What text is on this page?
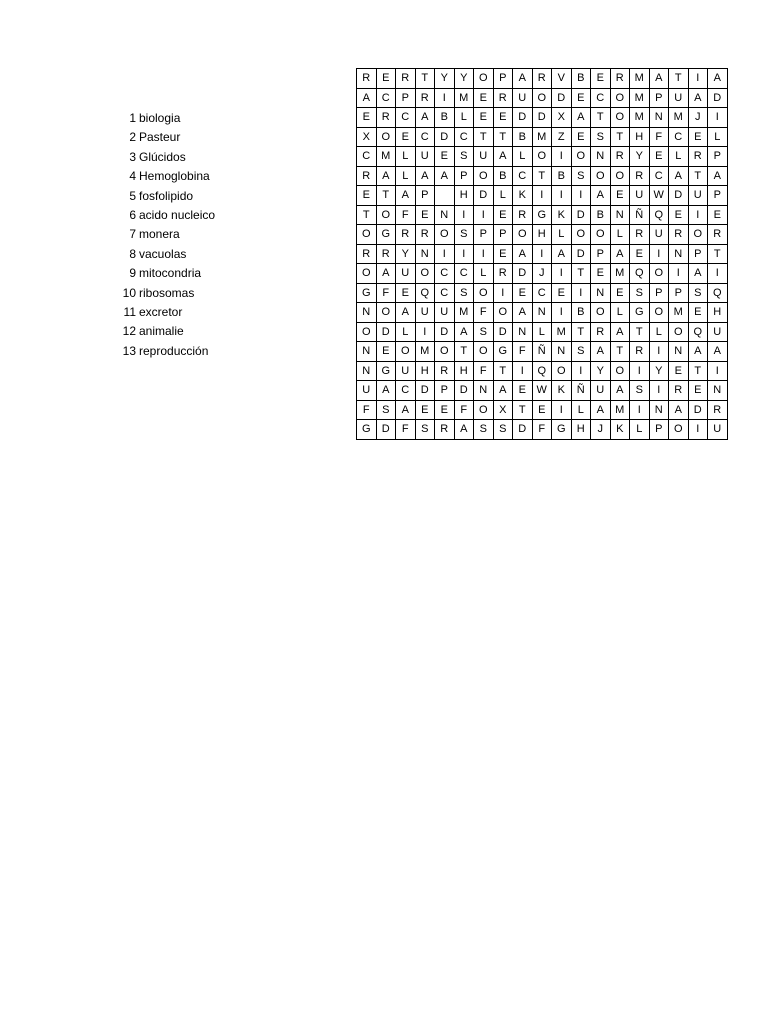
1 biologia
2 Pasteur
3 Glúcidos
4 Hemoglobina
5 fosfolipido
6 acido nucleico
7 monera
8 vacuolas
9 mitocondria
10 ribosomas
11 excretor
12 animalie
13 reproducción
R	E	R	T	Y	Y	O	P	A	R	V	B	E	R	M	A	T	I	A
A	C	P	R	I	M	E	R	U	O	D	E	C	O	M	P	U	A	D
E	R	C	A	B	L	E	E	D	D	X	A	T	O	M	N	M	J	I
X	O	E	C	D	C	T	T	B	M	Z	E	S	T	H	F	C	E	L
C	M	L	U	E	S	U	A	L	O	I	O	N	R	Y	E	L	R	P
R	A	L	A	A	P	O	B	C	T	B	S	O	O	R	C	A	T	A
E	T	A	P		H	D	L	K	I	I	I	A	E	U	W	D	U	P
T	O	F	E	N	I	I	E	R	G	K	D	B	N	Ñ	Q	E	I	E
O	G	R	R	O	S	P	P	O	H	L	O	O	L	R	U	R	O	R
R	R	Y	N	I	I	I	E	A	I	A	D	P	A	E	I	N	P	T
O	A	U	O	C	C	L	R	D	J	I	T	E	M	Q	O	I	A	I
G	F	E	Q	C	S	O	I	E	C	E	I	N	E	S	P	P	S	Q
N	O	A	U	U	M	F	O	A	N	I	B	O	L	G	O	M	E	H
O	D	L	I	D	A	S	D	N	L	M	T	R	A	T	L	O	Q	U
N	E	O	M	O	T	O	G	F	Ñ	N	S	A	T	R	I	N	A	A
N	G	U	H	R	H	F	T	I	Q	O	I	Y	O	I	Y	E	T	I
U	A	C	D	P	D	N	A	E	W	K	Ñ	U	A	S	I	R	E	N
F	S	A	E	E	F	O	X	T	E	I	L	A	M	I	N	A	D	R
G	D	F	S	R	A	S	S	D	F	G	H	J	K	L	P	O	I	U
